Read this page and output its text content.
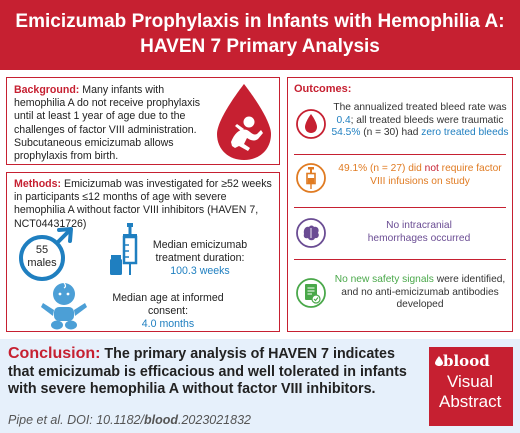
Emicizumab Prophylaxis in Infants with Hemophilia A:
HAVEN 7 Primary Analysis
Background: Many infants with hemophilia A do not receive prophylaxis until at least 1 year of age due to the challenges of factor VIII administration. Subcutaneous emicizumab allows prophylaxis from birth.
Methods: Emicizumab was investigated for ≥52 weeks in participants ≤12 months of age with severe hemophilia A without factor VIII inhibitors (HAVEN 7, NCT04431726)
55
males
Median emicizumab treatment duration:
100.3 weeks
Median age at informed consent:
4.0 months
Outcomes:
The annualized treated bleed rate was 0.4; all treated bleeds were traumatic 54.5% (n = 30) had zero treated bleeds
49.1% (n = 27) did not require factor VIII infusions on study
No intracranial
hemorrhages occurred
No new safety signals were identified, and no anti-emicizumab antibodies developed
Conclusion: The primary analysis of HAVEN 7 indicates that emicizumab is efficacious and well tolerated in infants with severe hemophilia A without factor VIII inhibitors.
Pipe et al. DOI: 10.1182/blood.2023021832
blood
Visual
Abstract
